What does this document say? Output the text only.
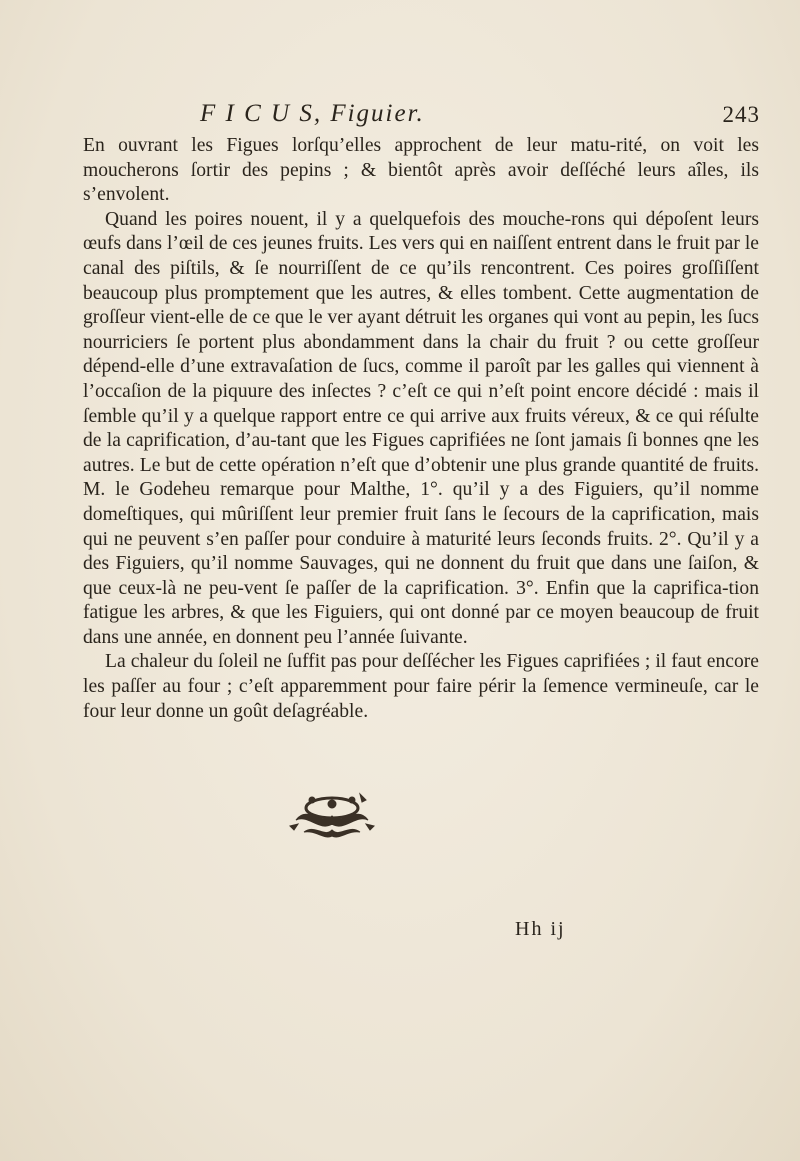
F I C U S, Figuier.	243

En ouvrant les Figues lorſqu’elles approchent de leur matu-rité, on voit les moucherons ſortir des pepins ; & bientôt après avoir deſſéché leurs aîles, ils s’envolent.

Quand les poires nouent, il y a quelquefois des mouche-rons qui dépoſent leurs œufs dans l’œil de ces jeunes fruits. Les vers qui en naiſſent entrent dans le fruit par le canal des piſtils, & ſe nourriſſent de ce qu’ils rencontrent. Ces poires groſſiſſent beaucoup plus promptement que les autres, & elles tombent. Cette augmentation de groſſeur vient-elle de ce que le ver ayant détruit les organes qui vont au pepin, les ſucs nourriciers ſe portent plus abondamment dans la chair du fruit ? ou cette groſſeur dépend-elle d’une extravaſation de ſucs, comme il paroît par les galles qui viennent à l’occaſion de la piquure des inſectes ? c’eſt ce qui n’eſt point encore décidé : mais il ſemble qu’il y a quelque rapport entre ce qui arrive aux fruits véreux, & ce qui réſulte de la caprification, d’au-tant que les Figues caprifiées ne ſont jamais ſi bonnes qne les autres. Le but de cette opération n’eſt que d’obtenir une plus grande quantité de fruits. M. le Godeheu remarque pour Malthe, 1°. qu’il y a des Figuiers, qu’il nomme domeſtiques, qui mûriſſent leur premier fruit ſans le ſecours de la caprification, mais qui ne peuvent s’en paſſer pour conduire à maturité leurs ſeconds fruits. 2°. Qu’il y a des Figuiers, qu’il nomme Sauvages, qui ne donnent du fruit que dans une ſaiſon, & que ceux-là ne peu-vent ſe paſſer de la caprification. 3°. Enfin que la caprifica-tion fatigue les arbres, & que les Figuiers, qui ont donné par ce moyen beaucoup de fruit dans une année, en donnent peu l’année ſuivante.

La chaleur du ſoleil ne ſuffit pas pour deſſécher les Figues caprifiées ; il faut encore les paſſer au four ; c’eſt apparemment pour faire périr la ſemence vermineuſe, car le four leur donne un goût deſagréable.

Hh ij
